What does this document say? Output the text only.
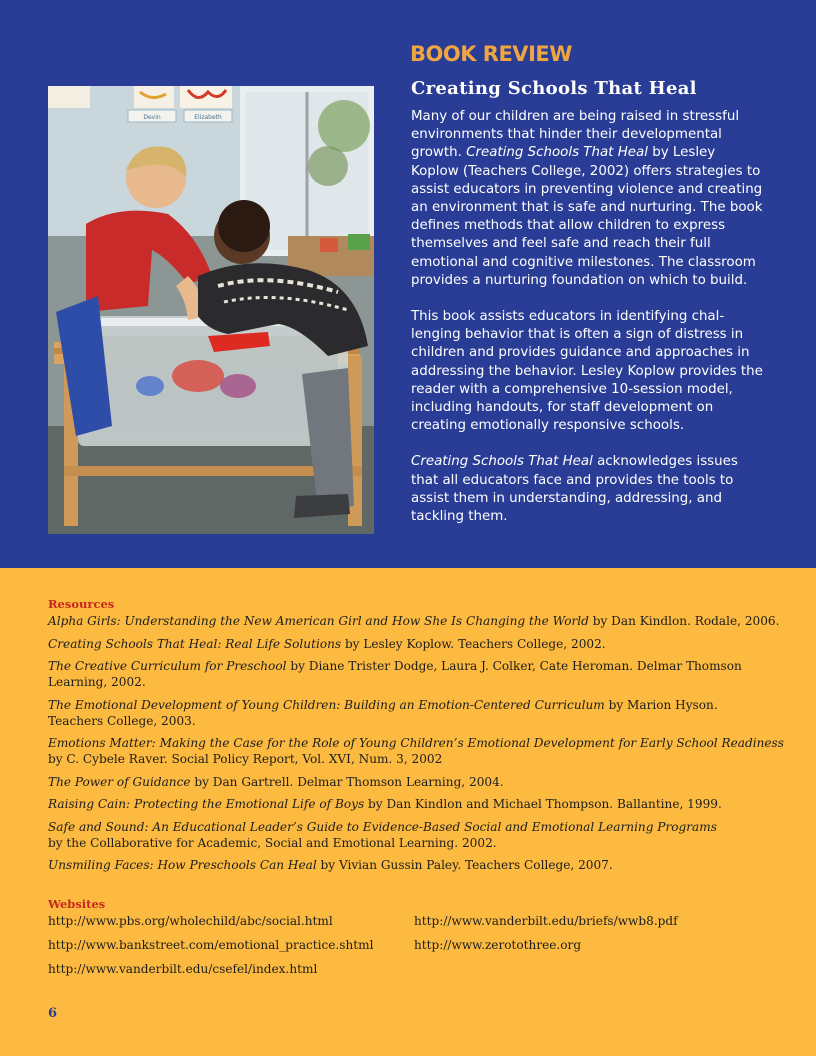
BOOK REVIEW
Creating Schools That Heal

Many of our children are being raised in stressful environments that hinder their developmental growth. Creating Schools That Heal by Lesley Koplow (Teachers College, 2002) offers strategies to assist educators in preventing violence and creating an environment that is safe and nurturing. The book defines methods that allow children to express themselves and feel safe and reach their full emotional and cognitive milestones. The classroom provides a nurturing foundation on which to build.

This book assists educators in identifying challenging behavior that is often a sign of distress in children and provides guidance and approaches in addressing the behavior. Lesley Koplow provides the reader with a comprehensive 10-session model, including handouts, for staff development on creating emotionally responsive schools.

Creating Schools That Heal acknowledges issues that all educators face and provides the tools to assist them in understanding, addressing, and tackling them.

Devin	Elizabeth
Resources
Alpha Girls: Understanding the New American Girl and How She Is Changing the World by Dan Kindlon. Rodale, 2006.
Creating Schools That Heal: Real Life Solutions by Lesley Koplow. Teachers College, 2002.
The Creative Curriculum for Preschool by Diane Trister Dodge, Laura J. Colker, Cate Heroman. Delmar Thomson Learning, 2002.
The Emotional Development of Young Children: Building an Emotion-Centered Curriculum by Marion Hyson.
Teachers College, 2003.
Emotions Matter: Making the Case for the Role of Young Children’s Emotional Development for Early School Readiness
by C. Cybele Raver. Social Policy Report, Vol. XVI, Num. 3, 2002
The Power of Guidance by Dan Gartrell. Delmar Thomson Learning, 2004.
Raising Cain: Protecting the Emotional Life of Boys by Dan Kindlon and Michael Thompson. Ballantine, 1999.
Safe and Sound: An Educational Leader’s Guide to Evidence-Based Social and Emotional Learning Programs
by the Collaborative for Academic, Social and Emotional Learning. 2002.
Unsmiling Faces: How Preschools Can Heal by Vivian Gussin Paley. Teachers College, 2007.
Websites
http://www.pbs.org/wholechild/abc/social.html
http://www.bankstreet.com/emotional_practice.shtml
http://www.vanderbilt.edu/csefel/index.html
http://www.vanderbilt.edu/briefs/wwb8.pdf
http://www.zerotothree.org
6
